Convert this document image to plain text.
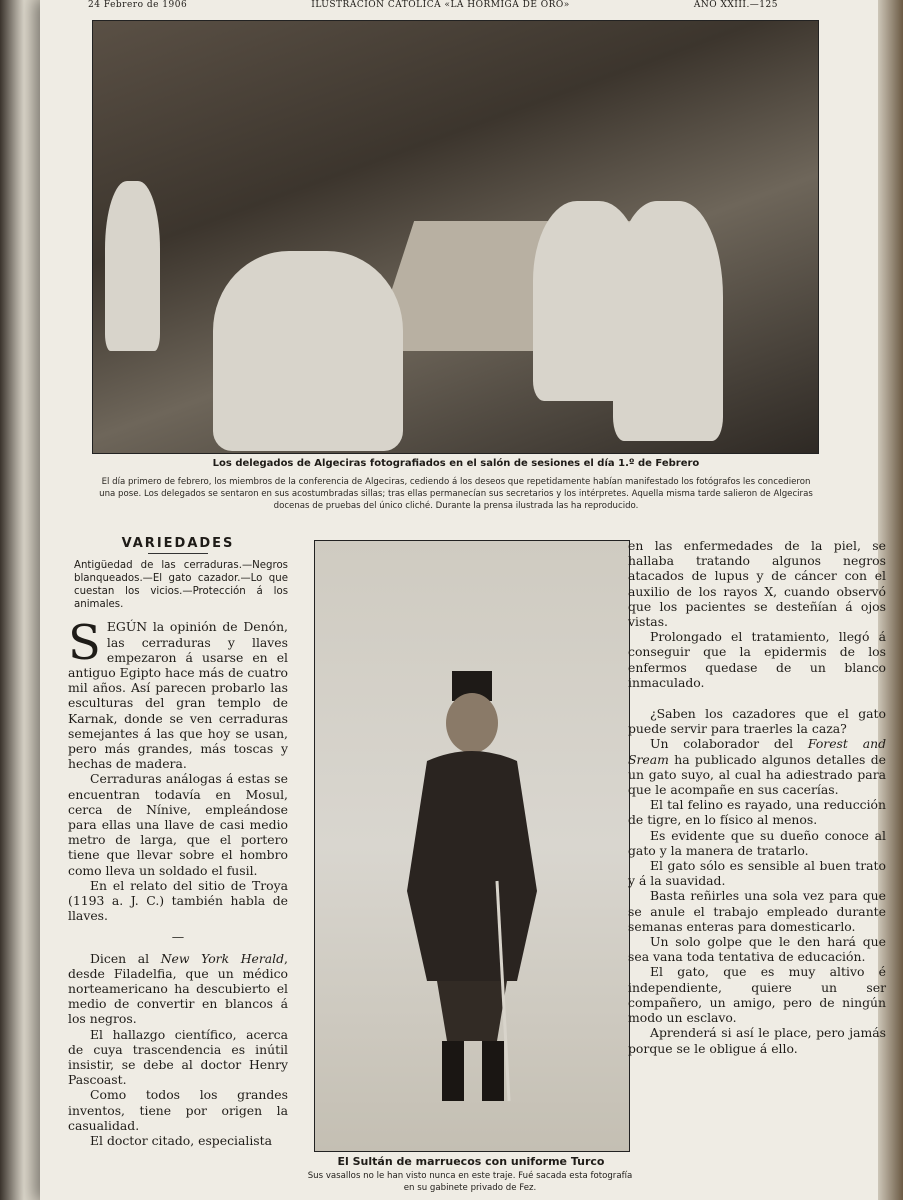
24 Febrero de 1906	ILUSTRACIÓN CATÓLICA «LA HORMIGA DE ORO»	AÑO XXIII.—125
Los delegados de Algeciras fotografiados en el salón de sesiones el día 1.º de Febrero
El día primero de febrero, los miembros de la conferencia de Algeciras, cediendo á los deseos que repetidamente habían manifestado los fotógrafos les concedieron una pose. Los delegados se sentaron en sus acostumbradas sillas; tras ellas permanecían sus secretarios y los intérpretes. Aquella misma tarde salieron de Algeciras docenas de pruebas del único cliché. Durante la prensa ilustrada las ha reproducido.
VARIEDADES
Antigüedad de las cerraduras.—Negros blanqueados.—El gato cazador.—Lo que cuestan los vicios.—Protección á los animales.

SEGÚN la opinión de Denón, las cerraduras y llaves empezaron á usarse en el antiguo Egipto hace más de cuatro mil años. Así parecen probarlo las esculturas del gran templo de Karnak, donde se ven cerraduras semejantes á las que hoy se usan, pero más grandes, más toscas y hechas de madera.

Cerraduras análogas á estas se encuentran todavía en Mosul, cerca de Nínive, empleándose para ellas una llave de casi medio metro de larga, que el portero tiene que llevar sobre el hombro como lleva un soldado el fusil.

En el relato del sitio de Troya (1193 a. J. C.) también habla de llaves.

—

Dicen al New York Herald, desde Filadelfia, que un médico norteamericano ha descubierto el medio de convertir en blancos á los negros.

El hallazgo científico, acerca de cuya trascendencia es inútil insistir, se debe al doctor Henry Pascoast.

Como todos los grandes inventos, tiene por origen la casualidad.

El doctor citado, especialista

El Sultán de marruecos con uniforme Turco
Sus vasallos no le han visto nunca en este traje. Fué sacada esta fotografía en su gabinete privado de Fez.

en las enfermedades de la piel, se hallaba tratando algunos negros atacados de lupus y de cáncer con el auxilio de los rayos X, cuando observó que los pacientes se desteñían á ojos vistas.

Prolongado el tratamiento, llegó á conseguir que la epidermis de los enfermos quedase de un blanco inmaculado.

¿Saben los cazadores que el gato puede servir para traerles la caza?

Un colaborador del Forest and Sream ha publicado algunos detalles de un gato suyo, al cual ha adiestrado para que le acompañe en sus cacerías.

El tal felino es rayado, una reducción de tigre, en lo físico al menos.

Es evidente que su dueño conoce al gato y la manera de tratarlo.

El gato sólo es sensible al buen trato y á la suavidad.

Basta reñirles una sola vez para que se anule el trabajo empleado durante semanas enteras para domesticarlo.

Un solo golpe que le den hará que sea vana toda tentativa de educación.

El gato, que es muy altivo é independiente, quiere un ser compañero, un amigo, pero de ningún modo un esclavo.

Aprenderá si así le place, pero jamás porque se le obligue á ello.
